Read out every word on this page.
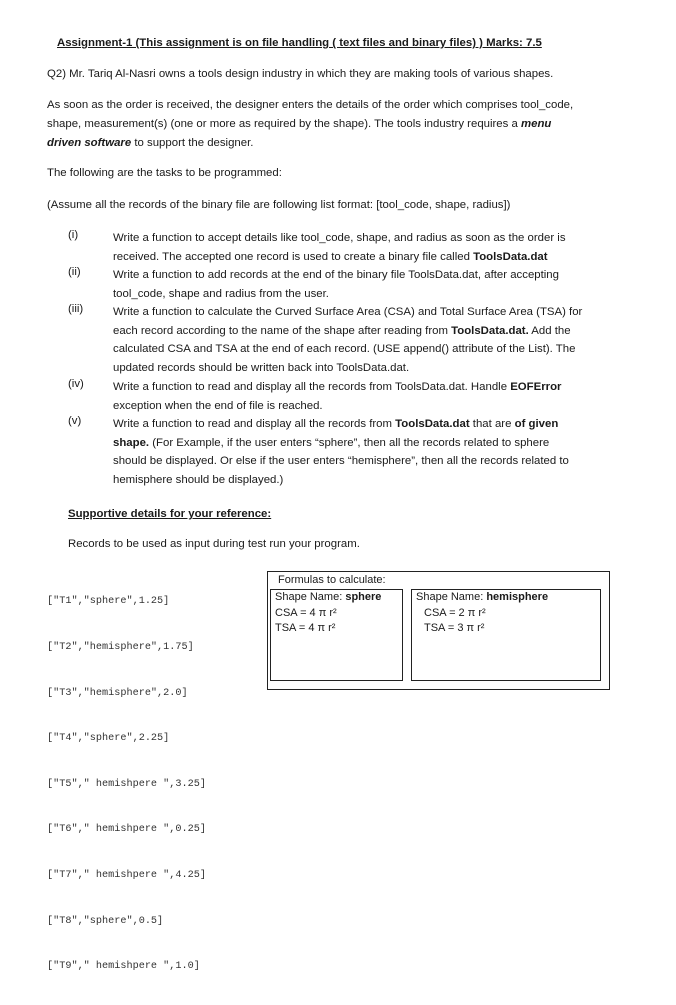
Assignment-1 (This assignment is on file handling ( text files and binary files) ) Marks: 7.5
Q2) Mr. Tariq Al-Nasri owns a tools design industry in which they are making tools of various shapes.
As soon as the order is received, the designer enters the details of the order which comprises tool_code,
shape, measurement(s) (one or more as required by the shape). The tools industry requires a menu
driven software to support the designer.
The following are the tasks to be programmed:
(Assume all the records of the binary file are following list format: [tool_code, shape, radius])
(i)	Write a function to accept details like tool_code, shape, and radius as soon as the order is
received. The accepted one record is used to create a binary file called ToolsData.dat
(ii)	Write a function to add records at the end of the binary file ToolsData.dat, after accepting
tool_code, shape and radius from the user.
(iii)	Write a function to calculate the Curved Surface Area (CSA) and Total Surface Area (TSA) for
each record according to the name of the shape after reading from ToolsData.dat. Add the
calculated CSA and TSA at the end of each record. (USE append() attribute of the List). The
updated records should be written back into ToolsData.dat.
(iv)	Write a function to read and display all the records from ToolsData.dat. Handle EOFError
exception when the end of file is reached.
(v)	Write a function to read and display all the records from ToolsData.dat that are of given
shape. (For Example, if the user enters “sphere”, then all the records related to sphere
should be displayed. Or else if the user enters “hemisphere”, then all the records related to
hemisphere should be displayed.)
Supportive details for your reference:
Records to be used as input during test run your program.

["T1","sphere",1.25]

["T2","hemisphere",1.75]

["T3","hemisphere",2.0]

["T4","sphere",2.25]

["T5"," hemishpere ",3.25]

["T6"," hemishpere ",0.25]

["T7"," hemishpere ",4.25]

["T8","sphere",0.5]

["T9"," hemishpere ",1.0]

Formulas to calculate:
Shape Name: sphere
CSA = 4 π r²
TSA = 4 π r²
Shape Name: hemisphere
CSA = 2 π r²
TSA = 3 π r²
